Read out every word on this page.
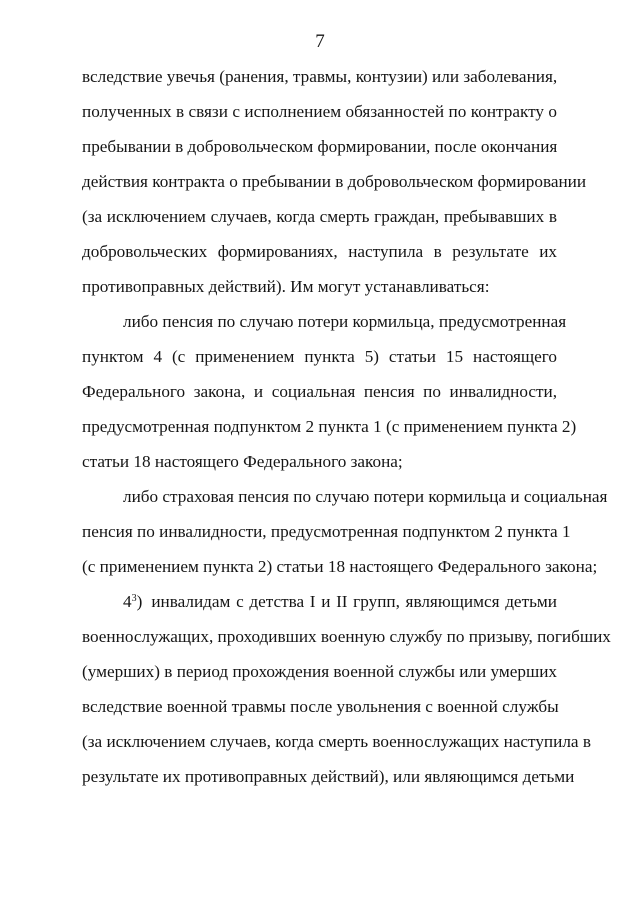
7
вследствие увечья (ранения, травмы, контузии) или заболевания,
полученных в связи с исполнением обязанностей по контракту о
пребывании в добровольческом формировании, после окончания
действия контракта о пребывании в добровольческом формировании
(за исключением случаев, когда смерть граждан, пребывавших в
добровольческих формированиях, наступила в результате их
противоправных действий). Им могут устанавливаться:
либо пенсия по случаю потери кормильца, предусмотренная
пунктом 4 (с применением пункта 5) статьи 15 настоящего
Федерального закона, и социальная пенсия по инвалидности,
предусмотренная подпунктом 2 пункта 1 (с применением пункта 2)
статьи 18 настоящего Федерального закона;
либо страховая пенсия по случаю потери кормильца и социальная
пенсия по инвалидности, предусмотренная подпунктом 2 пункта 1
(с применением пункта 2) статьи 18 настоящего Федерального закона;
$4^3$) инвалидам с детства I и II групп, являющимся детьми
военнослужащих, проходивших военную службу по призыву, погибших
(умерших) в период прохождения военной службы или умерших
вследствие военной травмы после увольнения с военной службы
(за исключением случаев, когда смерть военнослужащих наступила в
результате их противоправных действий), или являющимся детьми
